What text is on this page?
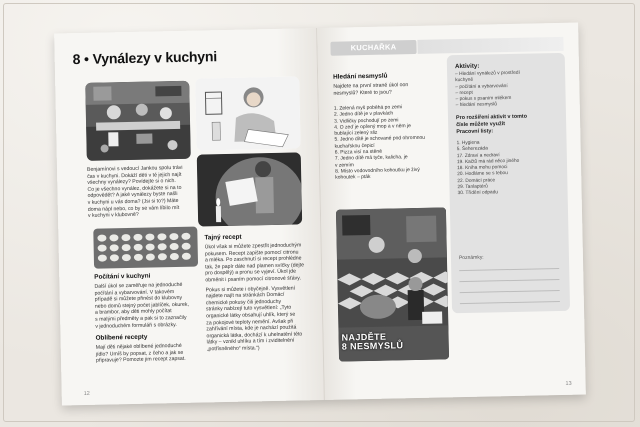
8 • Vynálezy v kuchyni
Benjamínovi s vedoucí Jankou spolu trávi
čas v kuchyni. Dokáží děti v té jejich najít
všechny vynálezy? Povídejte si o nich.
Co je všechno vynález, dokážete si na to
odpovědět? A jaké vynálezy byste našli
v kuchyni u vás doma? (Jsi si to?) Máte
doma nápl nebo, co by se vám líbilo mít
v kuchyni v klubovně?
Počítání v kuchyni
Další úkol se zaměřuje na jednoduché
počítání a vybarvování. V takovém
případě si můžete přinést do klubovny
nebo domů stejný počet jablíček, okurek,
a brambor, aby děti mohly počítat
s malými předměty a pak si to zaznačily
v jednoduchém formuláři s obrázky.
Oblíbené recepty
Mají děti nějaké oblíbené jednoduché
jídlo? Umíš by popsat, z čeho a jak se
připravuje? Pomozte jim recept zapsat.
Tajný recept
Úkol však si můžete zpestřit jednoduchým
pokusem. Recept zapište pomocí citronu
a mléka. Po zaschnutí si recept prohlédne
tak, že papír dáte nad plamen svíčky (dejte
pro dospělý) a pronu se vyjeví. Úkol jde
obměnit i psaním pomocí citronové šťávy.
Pokus si můžete i obyčejně. Vysvětlení
najdete najít na stránkách Domácí
chemické pokusy čili jednoduchy
stránky nabízejí tuto vysvětlení: „Tyto
organické látky obsahují uhlík, který se
za pokojové teploty nemění. Avšak při
zahřívání místa, kde je nachází použitá
organická látka, dochází k uhelnatění této
látky – vznikl uhlíku a tím i zviditelnění
„potřísněného“ místa.“)
12
KUCHAŘKA
Hledání nesmyslů
Najdete na první straně úkol oon
nesmyslů? Které to jsou?
1. Zelená myš poběhá po zemi
2. Jedno dítě je v plavkách
3. Vidličky pochodují po zemi
4. O zeď je opřený mop a v něm je
bublající zelený sliz
5. Jedno dítě je schované pod ohromnou
kuchařskou čepicí
6. Pizza visí na stěně
7. Jedno dítě má tyče, kalicha, je
v zemím
8. Místo vodovodního kohoutku je živý
kohoutek – pták
NAJDĚTE
8 NESMYSLŮ
Aktivity:
– Hledání vynálezů v prostředí
kuchyně
– počítání a vybarvování
– recept
– pokus s psaním mlékem
– hledání nesmyslů
Pro rozšíření aktivit v tomto
čísle můžete využít
Pracovní listy:
1. Hygiena
5. Šeherezáda
17. Zdraví a nedraví
19. Kačtů má rád něco jiného
18. Kniha mohu pomoci
20. Hodláme se s tebou
22. Domácí práce
29. Tanlaptérů
30. Třídění odpadu
Poznámky:
13
